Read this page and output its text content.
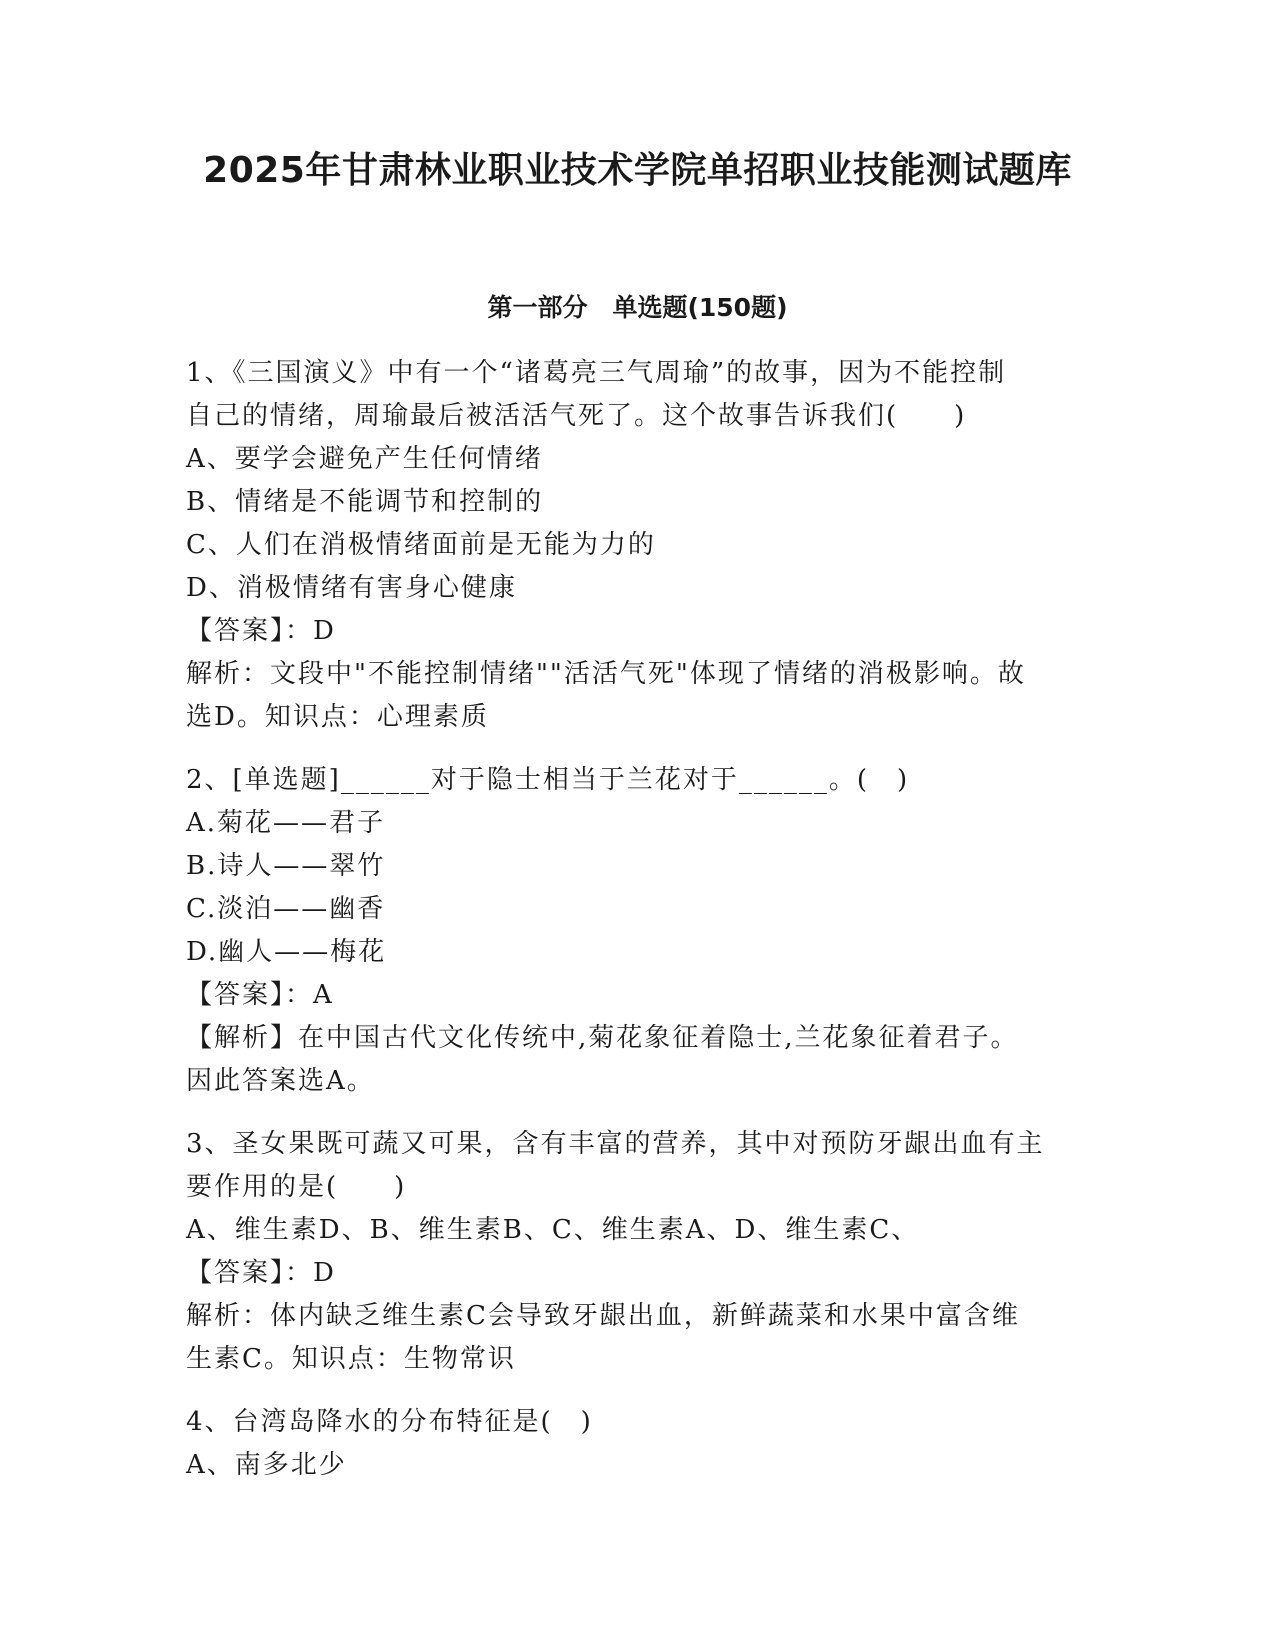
2025年甘肃林业职业技术学院单招职业技能测试题库
第一部分　单选题(150题)
1、《三国演义》中有一个“诸葛亮三气周瑜”的故事，因为不能控制
自己的情绪，周瑜最后被活活气死了。这个故事告诉我们(　　)
A、要学会避免产生任何情绪
B、情绪是不能调节和控制的
C、人们在消极情绪面前是无能为力的
D、消极情绪有害身心健康
【答案】：D
解析：文段中"不能控制情绪""活活气死"体现了情绪的消极影响。故
选D。知识点：心理素质
2、[单选题]______对于隐士相当于兰花对于______。(　)
A.菊花——君子
B.诗人——翠竹
C.淡泊——幽香
D.幽人——梅花
【答案】：A
【解析】在中国古代文化传统中,菊花象征着隐士,兰花象征着君子。
因此答案选A。
3、圣女果既可蔬又可果，含有丰富的营养，其中对预防牙龈出血有主
要作用的是(　　)
A、维生素D、B、维生素B、C、维生素A、D、维生素C、
【答案】：D
解析：体内缺乏维生素C会导致牙龈出血，新鲜蔬菜和水果中富含维
生素C。知识点：生物常识
4、台湾岛降水的分布特征是(　)
A、南多北少
